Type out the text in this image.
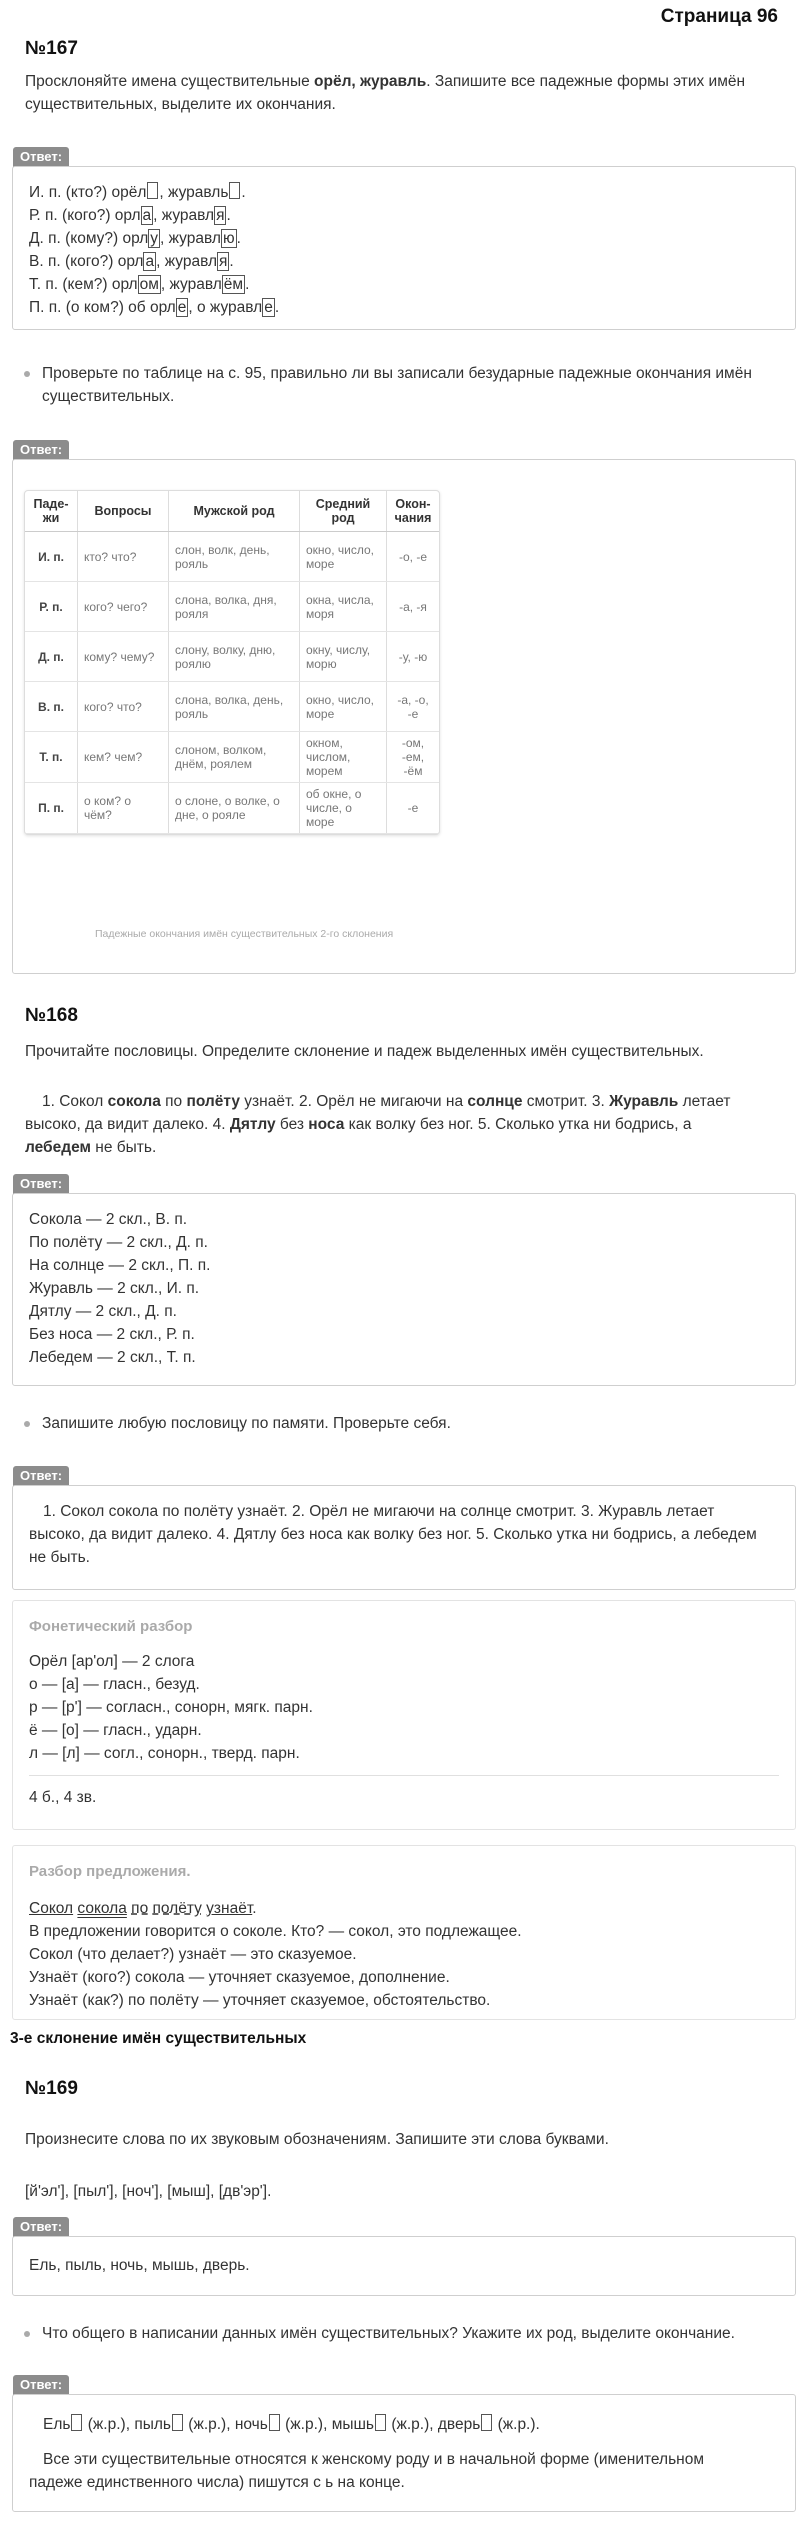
Страница 96
№167
Просклоняйте имена существительные орёл, журавль. Запишите все падежные формы этих имён существительных, выделите их окончания.
Ответ:
И. п. (кто?) орёл , журавль .
Р. п. (кого?) орл а , журавл я .
Д. п. (кому?) орл у , журавл ю .
В. п. (кого?) орл а , журавл я .
Т. п. (кем?) орл ом , журавл ём .
П. п. (о ком?) об орл е , о журавл е .
Проверьте по таблице на с. 95, правильно ли вы записали безударные падежные окончания имён существительных.
Ответ:
Паде-жи	Вопросы	Мужской род	Средний род	Окон-чания
И. п.	кто? что?	слон, волк, день, рояль	окно, число, море	-о, -е
Р. п.	кого? чего?	слона, волка, дня, рояля	окна, числа, моря	-а, -я
Д. п.	кому? чему?	слону, волку, дню, роялю	окну, числу, морю	-у, -ю
В. п.	кого? что?	слона, волка, день, рояль	окно, число, море	-а, -о, -е
Т. п.	кем? чем?	слоном, волком, днём, роялем	окном, числом, морем	-ом, -ем, -ём
П. п.	о ком? о чём?	о слоне, о волке, о дне, о рояле	об окне, о числе, о море	-е
Падежные окончания имён существительных 2-го склонения
№168
Прочитайте пословицы. Определите склонение и падеж выделенных имён существительных.
1. Сокол сокола по полёту узнаёт. 2. Орёл не мигаючи на солнце смотрит. 3. Журавль летает
высоко, да видит далеко. 4. Дятлу без носа как волку без ног. 5. Сколько утка ни бодрись, а
лебедем не быть.
Ответ:
Сокола — 2 скл., В. п.
По полёту — 2 скл., Д. п.
На солнце — 2 скл., П. п.
Журавль — 2 скл., И. п.
Дятлу — 2 скл., Д. п.
Без носа — 2 скл., Р. п.
Лебедем — 2 скл., Т. п.
Запишите любую пословицу по памяти. Проверьте себя.
Ответ:
1. Сокол сокола по полёту узнаёт. 2. Орёл не мигаючи на солнце смотрит. 3. Журавль летает
высоко, да видит далеко. 4. Дятлу без носа как волку без ног. 5. Сколько утка ни бодрись, а лебедем
не быть.
Фонетический разбор
Орёл [ар'ол] — 2 слога
о — [а] — гласн., безуд.
р — [р'] — согласн., сонорн, мягк. парн.
ё — [о] — гласн., ударн.
л — [л] — согл., сонорн., тверд. парн.
4 б., 4 зв.
Разбор предложения.
Сокол сокола по полёту узнаёт.
В предложении говорится о соколе. Кто? — сокол, это подлежащее.
Сокол (что делает?) узнаёт — это сказуемое.
Узнаёт (кого?) сокола — уточняет сказуемое, дополнение.
Узнаёт (как?) по полёту — уточняет сказуемое, обстоятельство.
3-е склонение имён существительных
№169
Произнесите слова по их звуковым обозначениям. Запишите эти слова буквами.
[й'эл'], [пыл'], [ноч'], [мыш], [дв'эр'].
Ответ:
Ель, пыль, ночь, мышь, дверь.
Что общего в написании данных имён существительных? Укажите их род, выделите окончание.
Ответ:
Ель (ж.р.), пыль (ж.р.), ночь (ж.р.), мышь (ж.р.), дверь (ж.р.).
Все эти существительные относятся к женскому роду и в начальной форме (именительном падеже единственного числа) пишутся с ь на конце.
